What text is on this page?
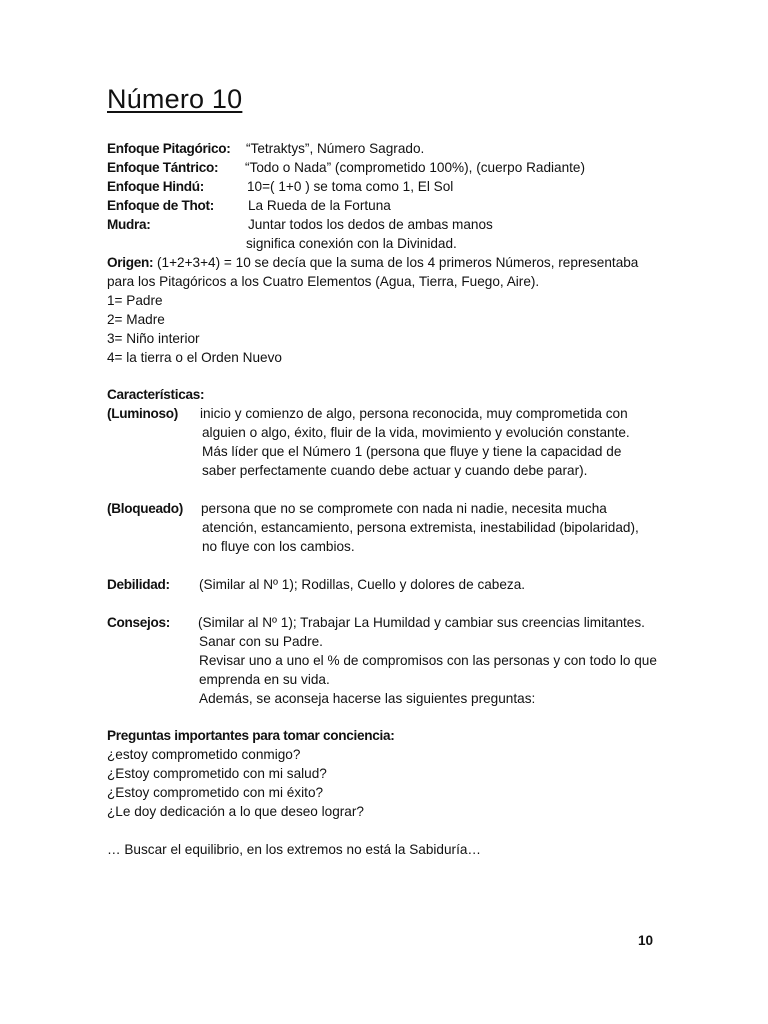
Número 10
Enfoque Pitagórico: “Tetraktys”, Número Sagrado.
Enfoque Tántrico: “Todo o Nada” (comprometido 100%), (cuerpo Radiante)
Enfoque Hindú:	10=( 1+0 ) se toma como 1, El Sol
Enfoque de Thot:	La Rueda de la Fortuna
Mudra:	Juntar todos los dedos de ambas manos
significa conexión con la Divinidad.
Origen: (1+2+3+4) = 10 se decía que la suma de los 4 primeros Números, representaba
para los Pitagóricos a los Cuatro Elementos (Agua, Tierra, Fuego, Aire).
1= Padre
2= Madre
3= Niño interior
4= la tierra o el Orden Nuevo
Características:
(Luminoso) inicio y comienzo de algo, persona reconocida, muy comprometida con
alguien o algo, éxito, fluir de la vida, movimiento y evolución constante.
Más líder que el Número 1 (persona que fluye y tiene la capacidad de
saber perfectamente cuando debe actuar y cuando debe parar).
(Bloqueado) persona que no se compromete con nada ni nadie, necesita mucha
atención, estancamiento, persona extremista, inestabilidad (bipolaridad),
no fluye con los cambios.
Debilidad: (Similar al Nº 1); Rodillas, Cuello y dolores de cabeza.
Consejos: (Similar al Nº 1); Trabajar La Humildad y cambiar sus creencias limitantes.
Sanar con su Padre.
Revisar uno a uno el % de compromisos con las personas y con todo lo que
emprenda en su vida.
Además, se aconseja hacerse las siguientes preguntas:
Preguntas importantes para tomar conciencia:
¿estoy comprometido conmigo?
¿Estoy comprometido con mi salud?
¿Estoy comprometido con mi éxito?
¿Le doy dedicación a lo que deseo lograr?
… Buscar el equilibrio, en los extremos no está la Sabiduría…
10
